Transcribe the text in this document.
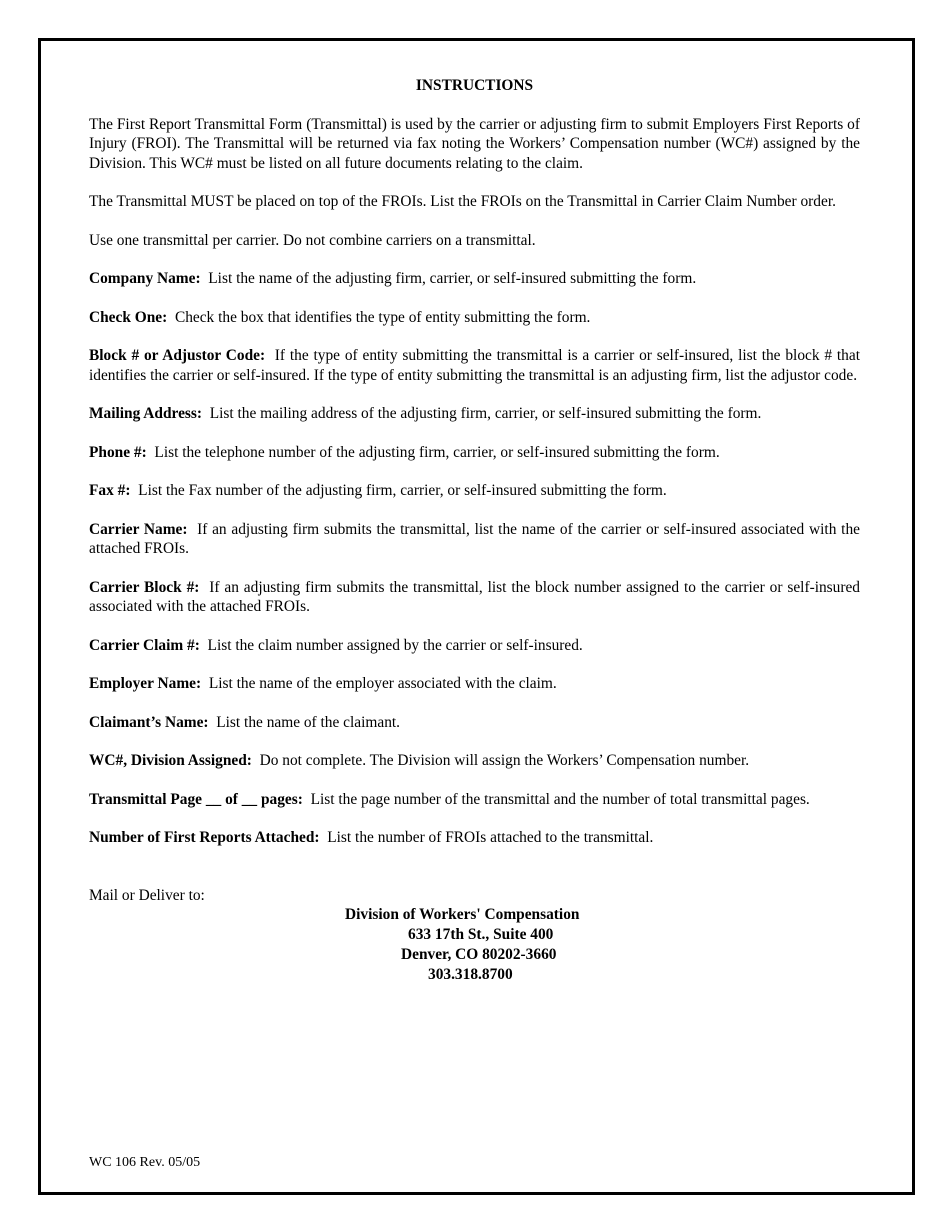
INSTRUCTIONS

The First Report Transmittal Form (Transmittal) is used by the carrier or adjusting firm to submit Employers First Reports of Injury (FROI). The Transmittal will be returned via fax noting the Workers’ Compensation number (WC#) assigned by the Division. This WC# must be listed on all future documents relating to the claim.

The Transmittal MUST be placed on top of the FROIs. List the FROIs on the Transmittal in Carrier Claim Number order.

Use one transmittal per carrier. Do not combine carriers on a transmittal.

Company Name: List the name of the adjusting firm, carrier, or self-insured submitting the form.

Check One: Check the box that identifies the type of entity submitting the form.

Block # or Adjustor Code: If the type of entity submitting the transmittal is a carrier or self-insured, list the block # that identifies the carrier or self-insured. If the type of entity submitting the transmittal is an adjusting firm, list the adjustor code.

Mailing Address: List the mailing address of the adjusting firm, carrier, or self-insured submitting the form.

Phone #: List the telephone number of the adjusting firm, carrier, or self-insured submitting the form.

Fax #: List the Fax number of the adjusting firm, carrier, or self-insured submitting the form.

Carrier Name: If an adjusting firm submits the transmittal, list the name of the carrier or self-insured associated with the attached FROIs.

Carrier Block #: If an adjusting firm submits the transmittal, list the block number assigned to the carrier or self-insured associated with the attached FROIs.

Carrier Claim #: List the claim number assigned by the carrier or self-insured.

Employer Name: List the name of the employer associated with the claim.

Claimant’s Name: List the name of the claimant.

WC#, Division Assigned: Do not complete. The Division will assign the Workers’ Compensation number.

Transmittal Page __ of __ pages: List the page number of the transmittal and the number of total transmittal pages.

Number of First Reports Attached: List the number of FROIs attached to the transmittal.

Mail or Deliver to:
Division of Workers' Compensation
633 17th St., Suite 400
Denver, CO 80202-3660
303.318.8700
WC 106 Rev. 05/05
